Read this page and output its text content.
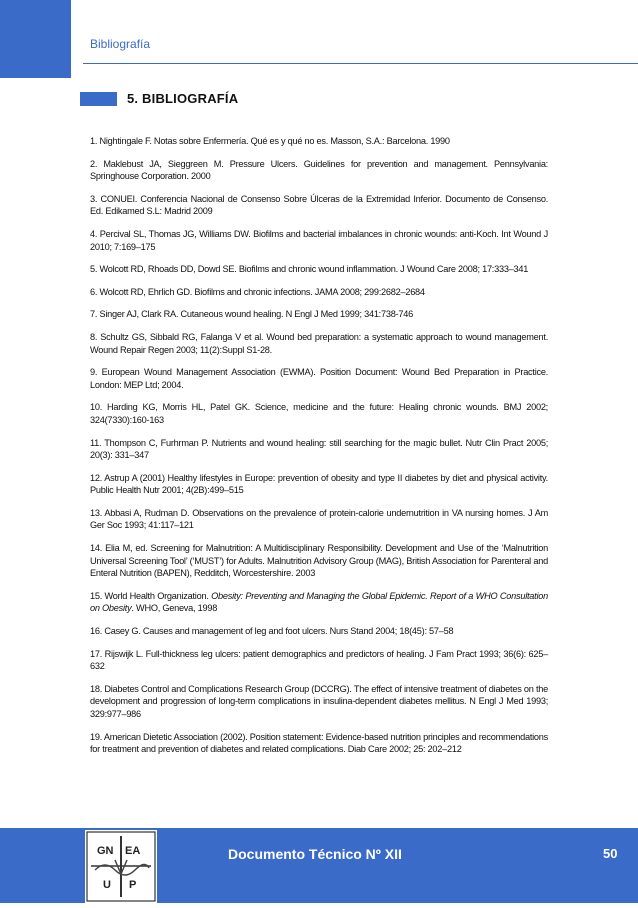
Bibliografía
5. BIBLIOGRAFÍA

1. Nightingale F. Notas sobre Enfermería. Qué es y qué no es. Masson, S.A.: Barcelona. 1990

2. Maklebust JA, Sieggreen M. Pressure Ulcers. Guidelines for prevention and management. Pennsylvania: Springhouse Corporation. 2000

3. CONUEI. Conferencia Nacional de Consenso Sobre Úlceras de la Extremidad Inferior. Documento de Consenso. Ed. Edikamed S.L: Madrid 2009

4. Percival SL, Thomas JG, Williams DW. Biofilms and bacterial imbalances in chronic wounds: anti-Koch. Int Wound J 2010; 7:169–175

5. Wolcott RD, Rhoads DD, Dowd SE. Biofilms and chronic wound inflammation. J Wound Care 2008; 17:333–341

6. Wolcott RD, Ehrlich GD. Biofilms and chronic infections. JAMA 2008; 299:2682–2684

7. Singer AJ, Clark RA. Cutaneous wound healing. N Engl J Med 1999; 341:738-746

8. Schultz GS, Sibbald RG, Falanga V et al. Wound bed preparation: a systematic approach to wound management. Wound Repair Regen 2003; 11(2):Suppl S1-28.

9. European Wound Management Association (EWMA). Position Document: Wound Bed Preparation in Practice. London: MEP Ltd; 2004.

10. Harding KG, Morris HL, Patel GK. Science, medicine and the future: Healing chronic wounds. BMJ 2002; 324(7330):160-163

11. Thompson C, Furhrman P. Nutrients and wound healing: still searching for the magic bullet. Nutr Clin Pract 2005; 20(3): 331–347

12. Astrup A (2001) Healthy lifestyles in Europe: prevention of obesity and type II diabetes by diet and physical activity. Public Health Nutr 2001; 4(2B):499–515

13. Abbasi A, Rudman D. Observations on the prevalence of protein-calorie undernutrition in VA nursing homes. J Am Ger Soc 1993; 41:117–121

14. Elia M, ed. Screening for Malnutrition: A Multidisciplinary Responsibility. Development and Use of the ‘Malnutrition Universal Screening Tool’ (‘MUST’) for Adults. Malnutrition Advisory Group (MAG), British Association for Parenteral and Enteral Nutrition (BAPEN), Redditch, Worcestershire. 2003

15. World Health Organization. Obesity: Preventing and Managing the Global Epidemic. Report of a WHO Consultation on Obesity. WHO, Geneva, 1998

16. Casey G. Causes and management of leg and foot ulcers. Nurs Stand 2004; 18(45): 57–58

17. Rijswijk L. Full-thickness leg ulcers: patient demographics and predictors of healing. J Fam Pract 1993; 36(6): 625–632

18. Diabetes Control and Complications Research Group (DCCRG). The effect of intensive treatment of diabetes on the development and progression of long-term complications in insulina-dependent diabetes mellitus. N Engl J Med 1993; 329:977–986

19. American Dietetic Association (2002). Position statement: Evidence-based nutrition principles and recommendations for treatment and prevention of diabetes and related complications. Diab Care 2002; 25: 202–212

GN EA
U P
Documento Técnico Nº XII	50
